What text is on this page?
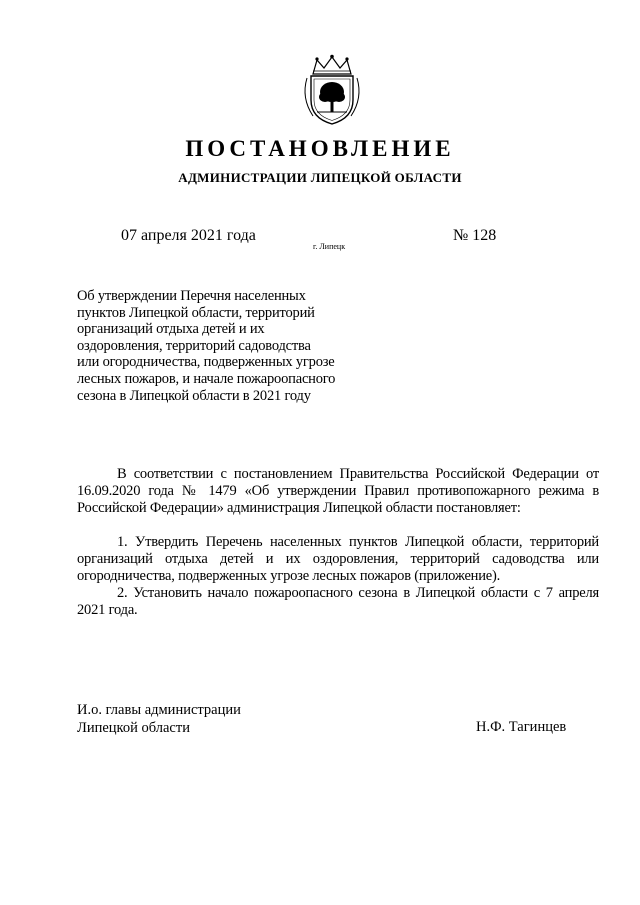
ПОСТАНОВЛЕНИЕ
АДМИНИСТРАЦИИ ЛИПЕЦКОЙ ОБЛАСТИ
07 апреля 2021 года
г. Липецк
№ 128
Об утверждении Перечня населенных
пунктов Липецкой области, территорий
организаций отдыха детей и их
оздоровления, территорий садоводства
или огородничества, подверженных угрозе
лесных пожаров, и начале пожароопасного
сезона в Липецкой области в 2021 году

В соответствии с постановлением Правительства Российской Федерации от 16.09.2020 года № 1479 «Об утверждении Правил противопожарного режима в Российской Федерации» администрация Липецкой области постановляет:

1. Утвердить Перечень населенных пунктов Липецкой области, территорий организаций отдыха детей и их оздоровления, территорий садоводства или огородничества, подверженных угрозе лесных пожаров (приложение).

2. Установить начало пожароопасного сезона в Липецкой области с 7 апреля 2021 года.

И.о. главы администрации
Липецкой области	Н.Ф. Тагинцев
